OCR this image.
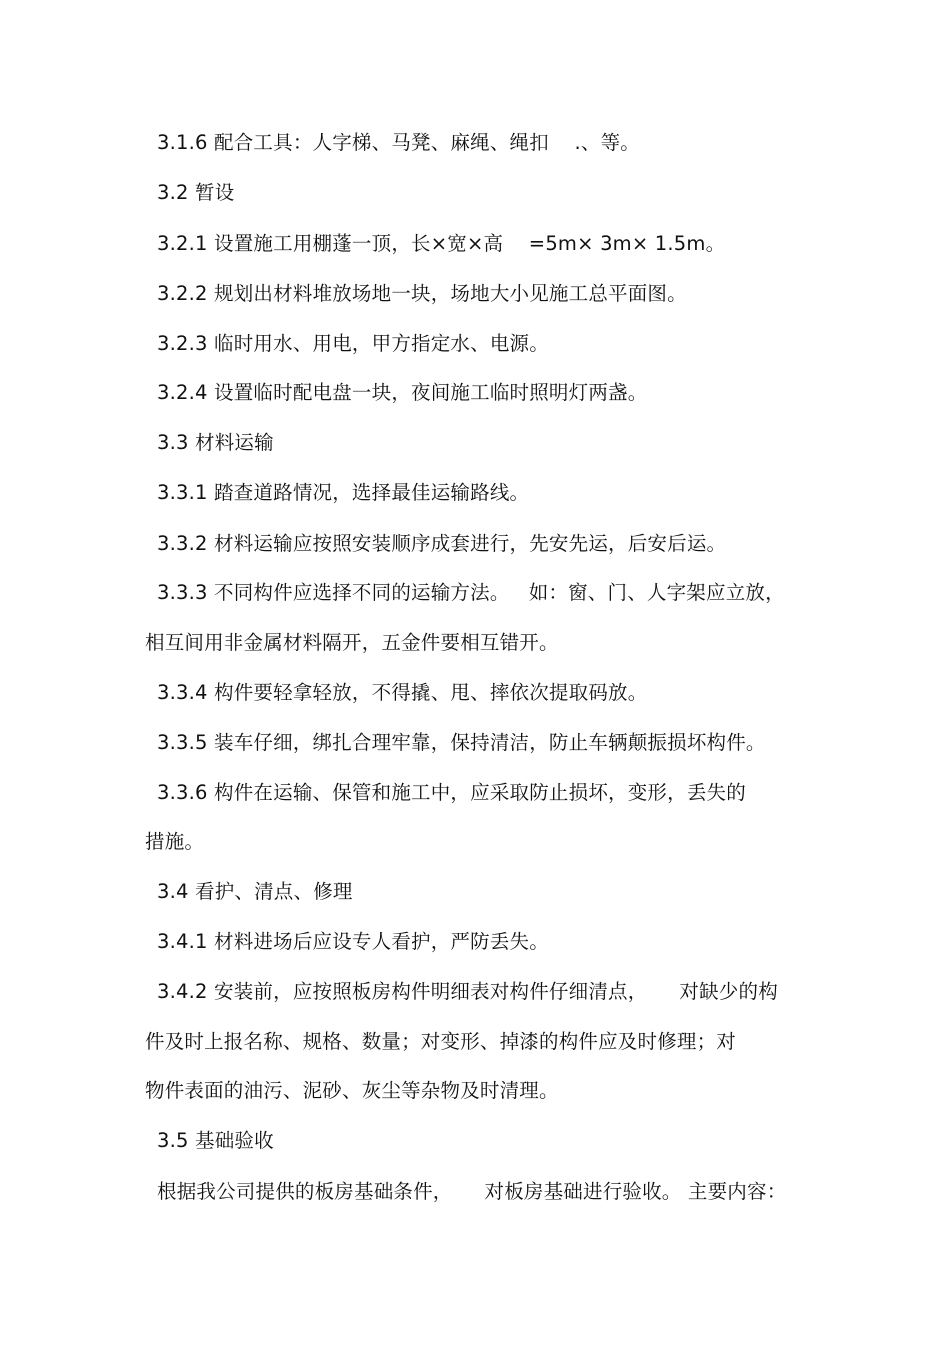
3.1.6 配合工具：人字梯、马凳、麻绳、绳扣    .、等。
3.2 暂设
3.2.1 设置施工用棚蓬一顶，长×宽×高    =5m× 3m× 1.5m。
3.2.2 规划出材料堆放场地一块，场地大小见施工总平面图。
3.2.3 临时用水、用电，甲方指定水、电源。
3.2.4 设置临时配电盘一块，夜间施工临时照明灯两盏。
3.3 材料运输
3.3.1 踏查道路情况，选择最佳运输路线。
3.3.2 材料运输应按照安装顺序成套进行，先安先运，后安后运。
3.3.3 不同构件应选择不同的运输方法。   如：窗、门、人字架应立放，
相互间用非金属材料隔开，五金件要相互错开。
3.3.4 构件要轻拿轻放，不得撬、甩、摔依次提取码放。
3.3.5 装车仔细，绑扎合理牢靠，保持清洁，防止车辆颠振损坏构件。
3.3.6 构件在运输、保管和施工中，应采取防止损坏，变形，丢失的
措施。
3.4 看护、清点、修理
3.4.1 材料进场后应设专人看护，严防丢失。
3.4.2 安装前，应按照板房构件明细表对构件仔细清点，     对缺少的构
件及时上报名称、规格、数量；对变形、掉漆的构件应及时修理；对
物件表面的油污、泥砂、灰尘等杂物及时清理。
3.5 基础验收
根据我公司提供的板房基础条件，     对板房基础进行验收。 主要内容：
